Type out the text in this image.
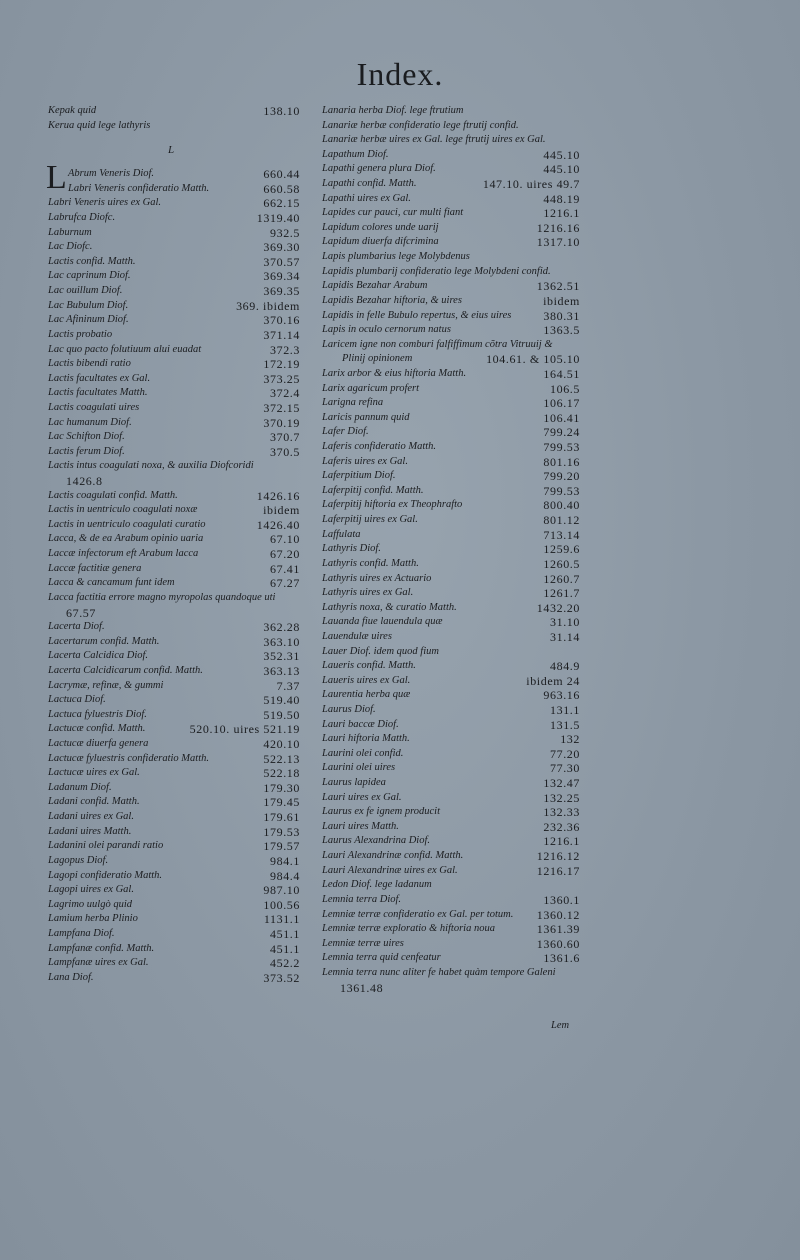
Index.
Kepak quid	138.10
Kerua quid lege lathyris
L
L Abrum Veneris Diof.	660.44
Labri Veneris confideratio Matth.	660.58
Labri Veneris uires ex Gal.	662.15
Labrufca Diofc.	1319.40
Laburnum	932.5
Lac Diofc.	369.30
Lactis confid. Matth.	370.57
Lac caprinum Diof.	369.34
Lac ouillum Diof.	369.35
Lac Bubulum Diof.	369. ibidem
Lac Afininum Diof.	370.16
Lactis probatio	371.14
Lac quo pacto folutiuum alui euadat	372.3
Lactis bibendi ratio	172.19
Lactis facultates ex Gal.	373.25
Lactis facultates Matth.	372.4
Lactis coagulati uires	372.15
Lac humanum Diof.	370.19
Lac Schifton Diof.	370.7
Lactis ferum Diof.	370.5
Lactis intus coagulati noxa, & auxilia Diofcoridi
1426.8
Lactis coagulati confid. Matth.	1426.16
Lactis in uentriculo coagulati noxæ	ibidem
Lactis in uentriculo coagulati curatio	1426.40
Lacca, & de ea Arabum opinio uaria	67.10
Laccæ infectorum eft Arabum lacca	67.20
Laccæ factitiæ genera	67.41
Lacca & cancamum funt idem	67.27
Lacca factitia errore magno myropolas quandoque uti
67.57
Lacerta Diof.	362.28
Lacertarum confid. Matth.	363.10
Lacerta Calcidica Diof.	352.31
Lacerta Calcidicarum confid. Matth.	363.13
Lacrymæ, refinæ, & gummi	7.37
Lactuca Diof.	519.40
Lactuca fyluestris Diof.	519.50
Lactucæ confid. Matth.	520.10. uires 521.19
Lactucæ diuerfa genera	420.10
Lactucæ fyluestris confideratio Matth.	522.13
Lactucæ uires ex Gal.	522.18
Ladanum Diof.	179.30
Ladani confid. Matth.	179.45
Ladani uires ex Gal.	179.61
Ladani uires Matth.	179.53
Ladanini olei parandi ratio	179.57
Lagopus Diof.	984.1
Lagopi confideratio Matth.	984.4
Lagopi uires ex Gal.	987.10
Lagrimo uulgò quid	100.56
Lamium herba Plinio	1131.1
Lampfana Diof.	451.1
Lampfanæ confid. Matth.	451.1
Lampfanæ uires ex Gal.	452.2
Lana Diof.	373.52
Lanaria herba Diof. lege ftrutium
Lanariæ herbæ confideratio lege ftrutij confid.
Lanariæ herbæ uires ex Gal. lege ftrutij uires ex Gal.
Lapathum Diof.	445.10
Lapathi genera plura Diof.	445.10
Lapathi confid. Matth.	147.10. uires 49.7
Lapathi uires ex Gal.	448.19
Lapides cur pauci, cur multi fiant	1216.1
Lapidum colores unde uarij	1216.16
Lapidum diuerfa difcrimina	1317.10
Lapis plumbarius lege Molybdenus
Lapidis plumbarij confideratio lege Molybdeni confid.
Lapidis Bezahar Arabum	1362.51
Lapidis Bezahar hiftoria, & uires	ibidem
Lapidis in felle Bubulo repertus, & eius uires	380.31
Lapis in oculo cernorum natus	1363.5
Laricem igne non comburi falfiffimum cõtra Vitruuij &
Plinij opinionem	104.61. & 105.10
Larix arbor & eius hiftoria Matth.	164.51
Larix agaricum profert	106.5
Larigna refina	106.17
Laricis pannum quid	106.41
Lafer Diof.	799.24
Laferis confideratio Matth.	799.53
Laferis uires ex Gal.	801.16
Laferpitium Diof.	799.20
Laferpitij confid. Matth.	799.53
Laferpitij hiftoria ex Theophrafto	800.40
Laferpitij uires ex Gal.	801.12
Laffulata	713.14
Lathyris Diof.	1259.6
Lathyris confid. Matth.	1260.5
Lathyris uires ex Actuario	1260.7
Lathyris uires ex Gal.	1261.7
Lathyris noxa, & curatio Matth.	1432.20
Lauanda fiue lauendula quæ	31.10
Lauendulæ uires	31.14
Lauer Diof. idem quod fium
Laueris confid. Matth.	484.9
Laueris uires ex Gal.	ibidem 24
Laurentia herba quæ	963.16
Laurus Diof.	131.1
Lauri baccæ Diof.	131.5
Lauri hiftoria Matth.	132
Laurini olei confid.	77.20
Laurini olei uires	77.30
Laurus lapidea	132.47
Lauri uires ex Gal.	132.25
Laurus ex fe ignem producit	132.33
Lauri uires Matth.	232.36
Laurus Alexandrina Diof.	1216.1
Lauri Alexandrinæ confid. Matth.	1216.12
Lauri Alexandrinæ uires ex Gal.	1216.17
Ledon Diof. lege ladanum
Lemnia terra Diof.	1360.1
Lemniæ terræ confideratio ex Gal. per totum. 1360.12
Lemniæ terræ exploratio & hiftoria noua	1361.39
Lemniæ terræ uires	1360.60
Lemnia terra quid cenfeatur	1361.6
Lemnia terra nunc aliter fe habet quàm tempore Galeni
1361.48
Lem
